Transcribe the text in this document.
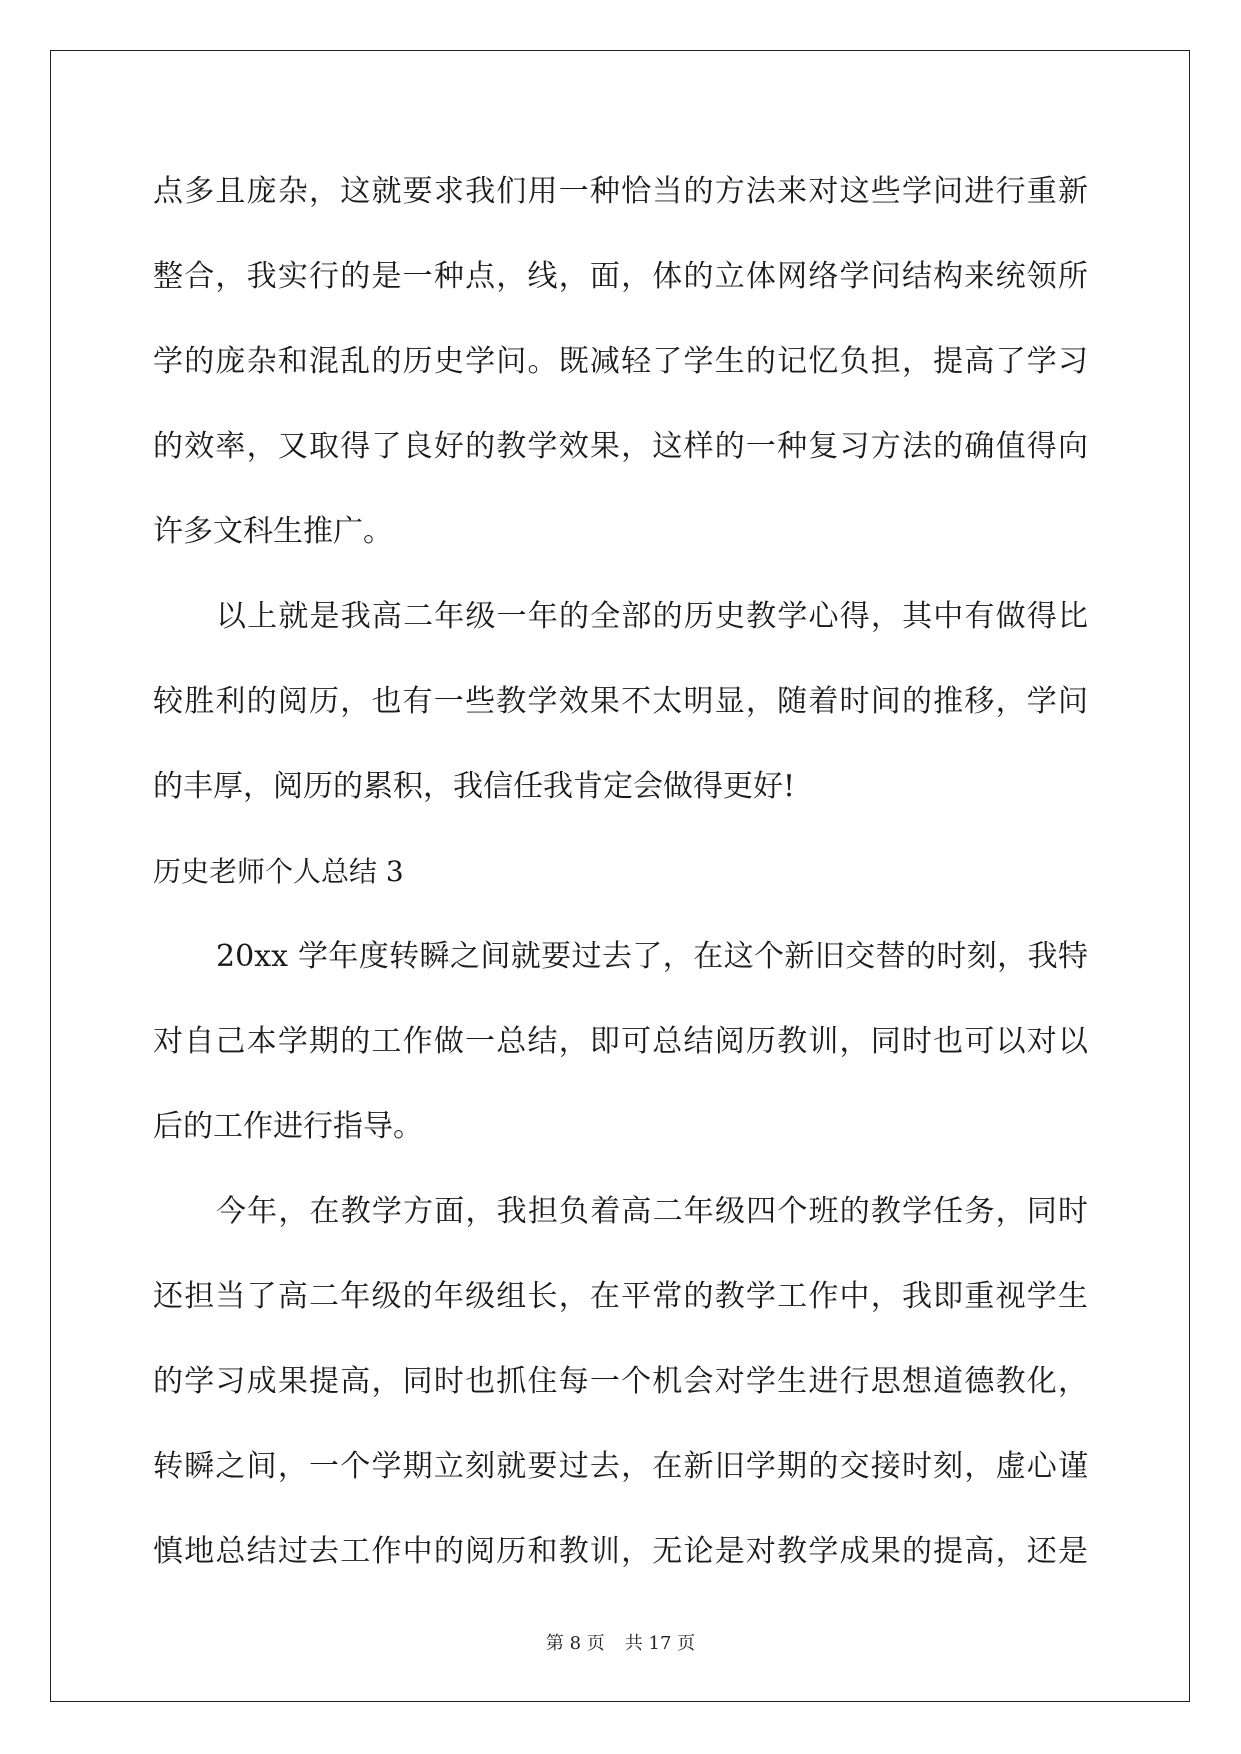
点多且庞杂，这就要求我们用一种恰当的方法来对这些学问进行重新
整合，我实行的是一种点，线，面，体的立体网络学问结构来统领所
学的庞杂和混乱的历史学问。既减轻了学生的记忆负担，提高了学习
的效率，又取得了良好的教学效果，这样的一种复习方法的确值得向
许多文科生推广。
以上就是我高二年级一年的全部的历史教学心得，其中有做得比
较胜利的阅历，也有一些教学效果不太明显，随着时间的推移，学问
的丰厚，阅历的累积，我信任我肯定会做得更好!
历史老师个人总结 3
20xx 学年度转瞬之间就要过去了，在这个新旧交替的时刻，我特
对自己本学期的工作做一总结，即可总结阅历教训，同时也可以对以
后的工作进行指导。
今年，在教学方面，我担负着高二年级四个班的教学任务，同时
还担当了高二年级的年级组长，在平常的教学工作中，我即重视学生
的学习成果提高，同时也抓住每一个机会对学生进行思想道德教化，
转瞬之间，一个学期立刻就要过去，在新旧学期的交接时刻，虚心谨
慎地总结过去工作中的阅历和教训，无论是对教学成果的提高，还是
第 8 页 共 17 页
